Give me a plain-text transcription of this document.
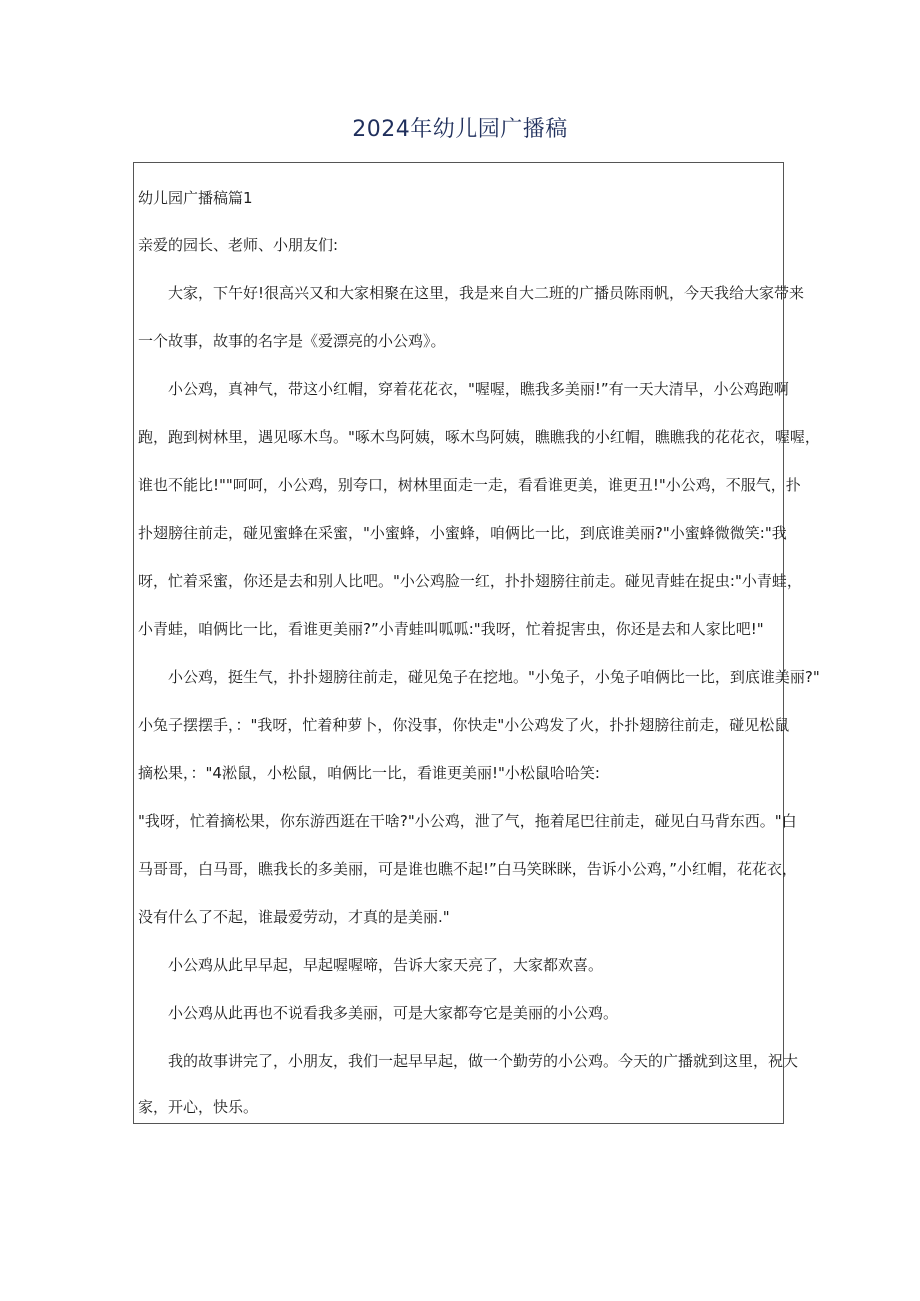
2024年幼儿园广播稿
幼儿园广播稿篇1
亲爱的园长、老师、小朋友们:
大家，下午好!很高兴又和大家相聚在这里，我是来自大二班的广播员陈雨帆，今天我给大家带来
一个故事，故事的名字是《爱漂亮的小公鸡》。
小公鸡，真神气，带这小红帽，穿着花花衣，"喔喔，瞧我多美丽!”有一天大清早，小公鸡跑啊
跑，跑到树林里，遇见啄木鸟。"啄木鸟阿姨，啄木鸟阿姨，瞧瞧我的小红帽，瞧瞧我的花花衣，喔喔，
谁也不能比!""呵呵，小公鸡，别夸口，树林里面走一走，看看谁更美，谁更丑!"小公鸡，不服气，扑
扑翅膀往前走，碰见蜜蜂在采蜜，"小蜜蜂，小蜜蜂，咱俩比一比，到底谁美丽?"小蜜蜂微微笑:"我
呀，忙着采蜜，你还是去和别人比吧。"小公鸡脸一红，扑扑翅膀往前走。碰见青蛙在捉虫:"小青蛙，
小青蛙，咱俩比一比，看谁更美丽?”小青蛙叫呱呱:"我呀，忙着捉害虫，你还是去和人家比吧!"
小公鸡，挺生气，扑扑翅膀往前走，碰见兔子在挖地。"小兔子，小兔子咱俩比一比，到底谁美丽?"
小兔子摆摆手，："我呀，忙着种萝卜，你没事，你快走"小公鸡发了火，扑扑翅膀往前走，碰见松鼠
摘松果，："4淞鼠，小松鼠，咱俩比一比，看谁更美丽!"小松鼠哈哈笑:
"我呀，忙着摘松果，你东游西逛在干啥?"小公鸡，泄了气，拖着尾巴往前走，碰见白马背东西。"白
马哥哥，白马哥，瞧我长的多美丽，可是谁也瞧不起!”白马笑眯眯，告诉小公鸡，”小红帽，花花衣，
没有什么了不起，谁最爱劳动，才真的是美丽."
小公鸡从此早早起，早起喔喔啼，告诉大家天亮了，大家都欢喜。
小公鸡从此再也不说看我多美丽，可是大家都夸它是美丽的小公鸡。
我的故事讲完了，小朋友，我们一起早早起，做一个勤劳的小公鸡。今天的广播就到这里，祝大
家，开心，快乐。
